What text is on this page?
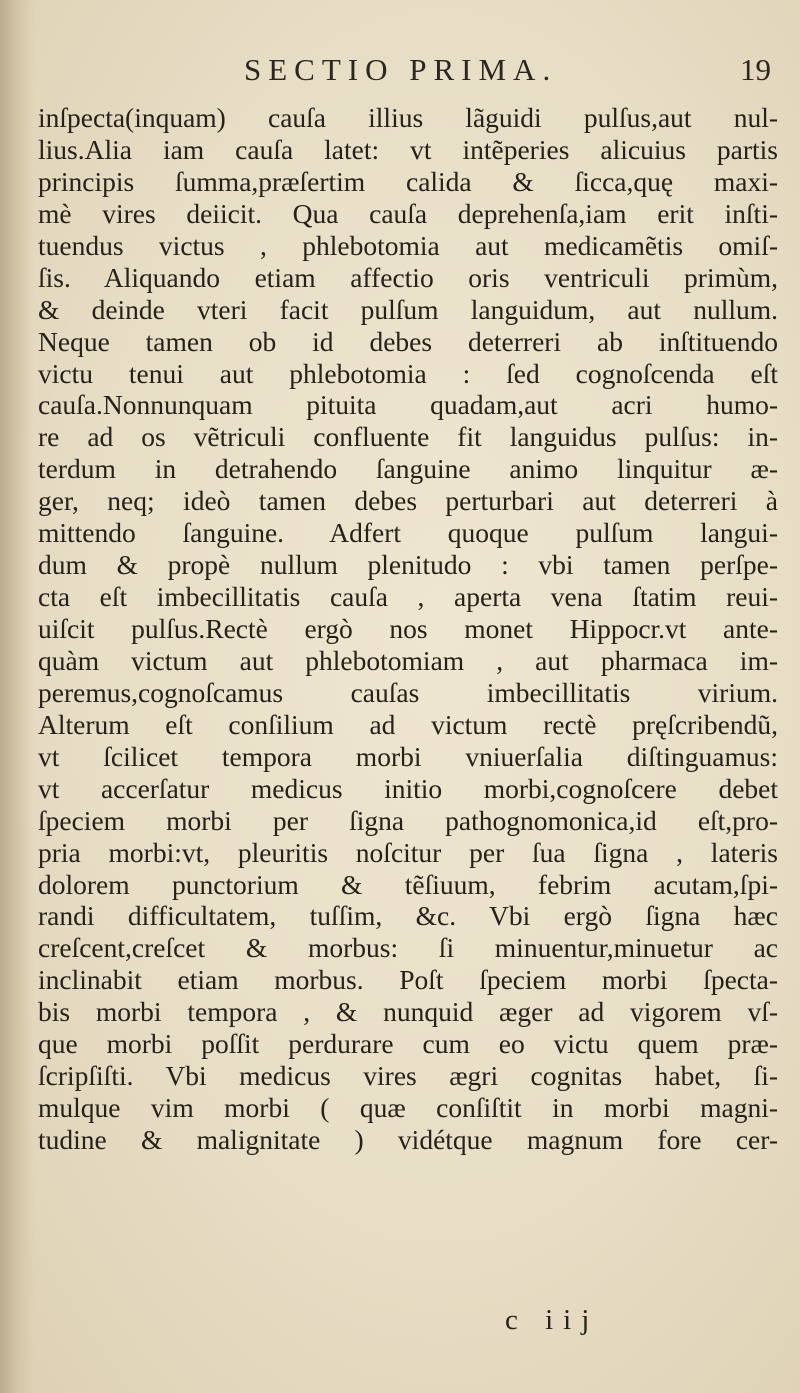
SECTIO PRIMA.	19
inſpecta(inquam) cauſa illius lãguidi pulſus,aut nul-
lius.Alia iam cauſa latet: vt intẽperies alicuius partis
principis ſumma,præſertim calida & ſicca,quę maxi-
mè vires deiicit. Qua cauſa deprehenſa,iam erit inſti-
tuendus victus , phlebotomia aut medicamẽtis omiſ-
ſis. Aliquando etiam affectio oris ventriculi primùm,
& deinde vteri facit pulſum languidum, aut nullum.
Neque tamen ob id debes deterreri ab inſtituendo
victu tenui aut phlebotomia : ſed cognoſcenda eſt
cauſa.Nonnunquam pituita quadam,aut acri humo-
re ad os vẽtriculi confluente fit languidus pulſus: in-
terdum in detrahendo ſanguine animo linquitur æ-
ger, neq; ideò tamen debes perturbari aut deterreri à
mittendo ſanguine. Adfert quoque pulſum langui-
dum & propè nullum plenitudo : vbi tamen perſpe-
cta eſt imbecillitatis cauſa , aperta vena ſtatim reui-
uiſcit pulſus.Rectè ergò nos monet Hippocr.vt ante-
quàm victum aut phlebotomiam , aut pharmaca im-
peremus,cognoſcamus cauſas imbecillitatis virium.
Alterum eſt conſilium ad victum rectè pręſcribendũ,
vt ſcilicet tempora morbi vniuerſalia diſtinguamus:
vt accerſatur medicus initio morbi,cognoſcere debet
ſpeciem morbi per ſigna pathognomonica,id eſt,pro-
pria morbi:vt, pleuritis noſcitur per ſua ſigna , lateris
dolorem punctorium & tẽſiuum, febrim acutam,ſpi-
randi difficultatem, tuſſim, &c. Vbi ergò ſigna hæc
creſcent,creſcet & morbus: ſi minuentur,minuetur ac
inclinabit etiam morbus. Poſt ſpeciem morbi ſpecta-
bis morbi tempora , & nunquid æger ad vigorem vſ-
que morbi poſſit perdurare cum eo victu quem præ-
ſcripſiſti. Vbi medicus vires ægri cognitas habet, ſi-
mulque vim morbi ( quæ conſiſtit in morbi magni-
tudine & malignitate ) vidétque magnum fore cer-
c iij
